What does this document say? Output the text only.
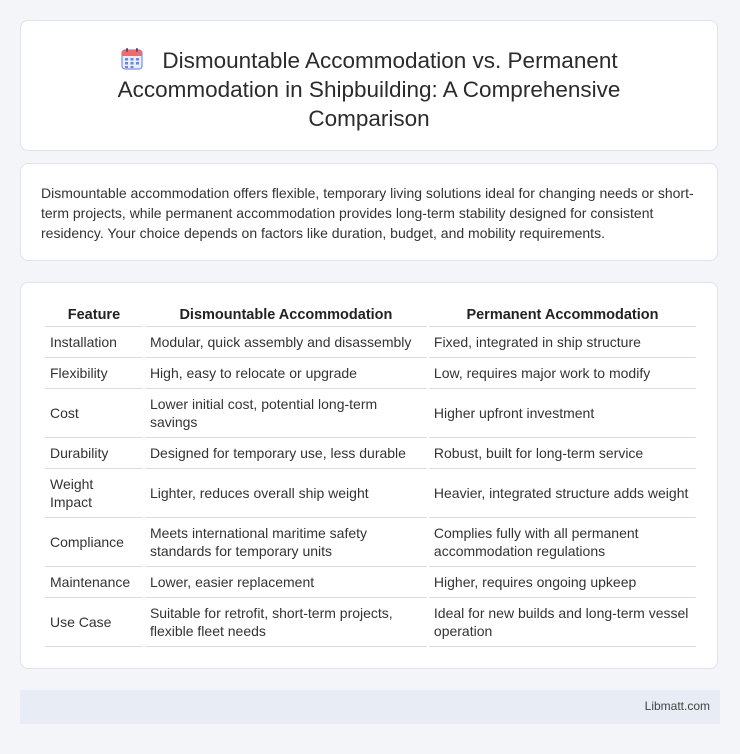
Dismountable Accommodation vs. Permanent Accommodation in Shipbuilding: A Comprehensive Comparison

Dismountable accommodation offers flexible, temporary living solutions ideal for changing needs or short-term projects, while permanent accommodation provides long-term stability designed for consistent residency. Your choice depends on factors like duration, budget, and mobility requirements.

Feature	Dismountable Accommodation	Permanent Accommodation
Installation	Modular, quick assembly and disassembly	Fixed, integrated in ship structure
Flexibility	High, easy to relocate or upgrade	Low, requires major work to modify
Cost	Lower initial cost, potential long-term savings	Higher upfront investment
Durability	Designed for temporary use, less durable	Robust, built for long-term service
Weight Impact	Lighter, reduces overall ship weight	Heavier, integrated structure adds weight
Compliance	Meets international maritime safety standards for temporary units	Complies fully with all permanent accommodation regulations
Maintenance	Lower, easier replacement	Higher, requires ongoing upkeep
Use Case	Suitable for retrofit, short-term projects, flexible fleet needs	Ideal for new builds and long-term vessel operation
Libmatt.com
